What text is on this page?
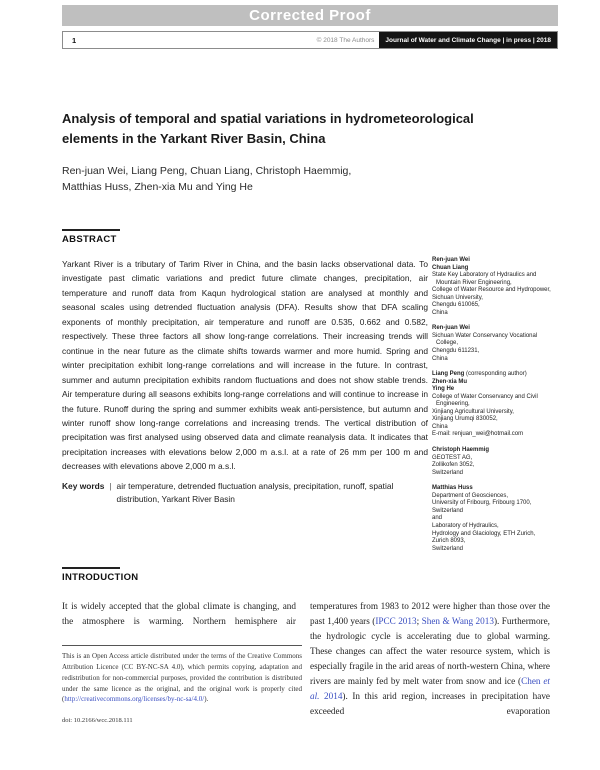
Corrected Proof
1	© 2018 The Authors	Journal of Water and Climate Change | in press | 2018
Analysis of temporal and spatial variations in hydrometeorological elements in the Yarkant River Basin, China
Ren-juan Wei, Liang Peng, Chuan Liang, Christoph Haemmig,
Matthias Huss, Zhen-xia Mu and Ying He
ABSTRACT

Yarkant River is a tributary of Tarim River in China, and the basin lacks observational data. To investigate past climatic variations and predict future climate changes, precipitation, air temperature and runoff data from Kaqun hydrological station are analysed at monthly and seasonal scales using detrended fluctuation analysis (DFA). Results show that DFA scaling exponents of monthly precipitation, air temperature and runoff are 0.535, 0.662 and 0.582, respectively. These three factors all show long-range correlations. Their increasing trends will continue in the near future as the climate shifts towards warmer and more humid. Spring and winter precipitation exhibit long-range correlations and will increase in the future. In contrast, summer and autumn precipitation exhibits random fluctuations and does not show stable trends. Air temperature during all seasons exhibits long-range correlations and will continue to increase in the future. Runoff during the spring and summer exhibits weak anti-persistence, but autumn and winter runoff show long-range correlations and increasing trends. The vertical distribution of precipitation was first analysed using observed data and climate reanalysis data. It indicates that precipitation increases with elevations below 2,000 m a.s.l. at a rate of 26 mm per 100 m and decreases with elevations above 2,000 m a.s.l.

Key words | air temperature, detrended fluctuation analysis, precipitation, runoff, spatial distribution, Yarkant River Basin
Ren-juan Wei
Chuan Liang
State Key Laboratory of Hydraulics and Mountain River Engineering,
College of Water Resource and Hydropower,
Sichuan University,
Chengdu 610065,
China
Ren-juan Wei
Sichuan Water Conservancy Vocational College,
Chengdu 611231,
China
Liang Peng (corresponding author)
Zhen-xia Mu
Ying He
College of Water Conservancy and Civil Engineering,
Xinjiang Agricultural University,
Xinjiang Urumqi 830052,
China
E-mail: renjuan_wei@hotmail.com
Christoph Haemmig
GEOTEST AG,
Zollikofen 3052,
Switzerland
Matthias Huss
Department of Geosciences,
University of Fribourg, Fribourg 1700,
Switzerland
and
Laboratory of Hydraulics,
Hydrology and Glaciology, ETH Zurich,
Zurich 8093,
Switzerland
INTRODUCTION

It is widely accepted that the global climate is changing, and the atmosphere is warming. Northern hemisphere air

temperatures from 1983 to 2012 were higher than those over the past 1,400 years (IPCC 2013; Shen & Wang 2013). Furthermore, the hydrologic cycle is accelerating due to global warming. These changes can affect the water resource system, which is especially fragile in the arid areas of north-western China, where rivers are mainly fed by melt water from snow and ice (Chen et al. 2014). In this arid region, increases in precipitation have exceeded evaporation

This is an Open Access article distributed under the terms of the Creative Commons Attribution Licence (CC BY-NC-SA 4.0), which permits copying, adaptation and redistribution for non-commercial purposes, provided the contribution is distributed under the same licence as the original, and the original work is properly cited (http://creativecommons.org/licenses/by-nc-sa/4.0/).
doi: 10.2166/wcc.2018.111
